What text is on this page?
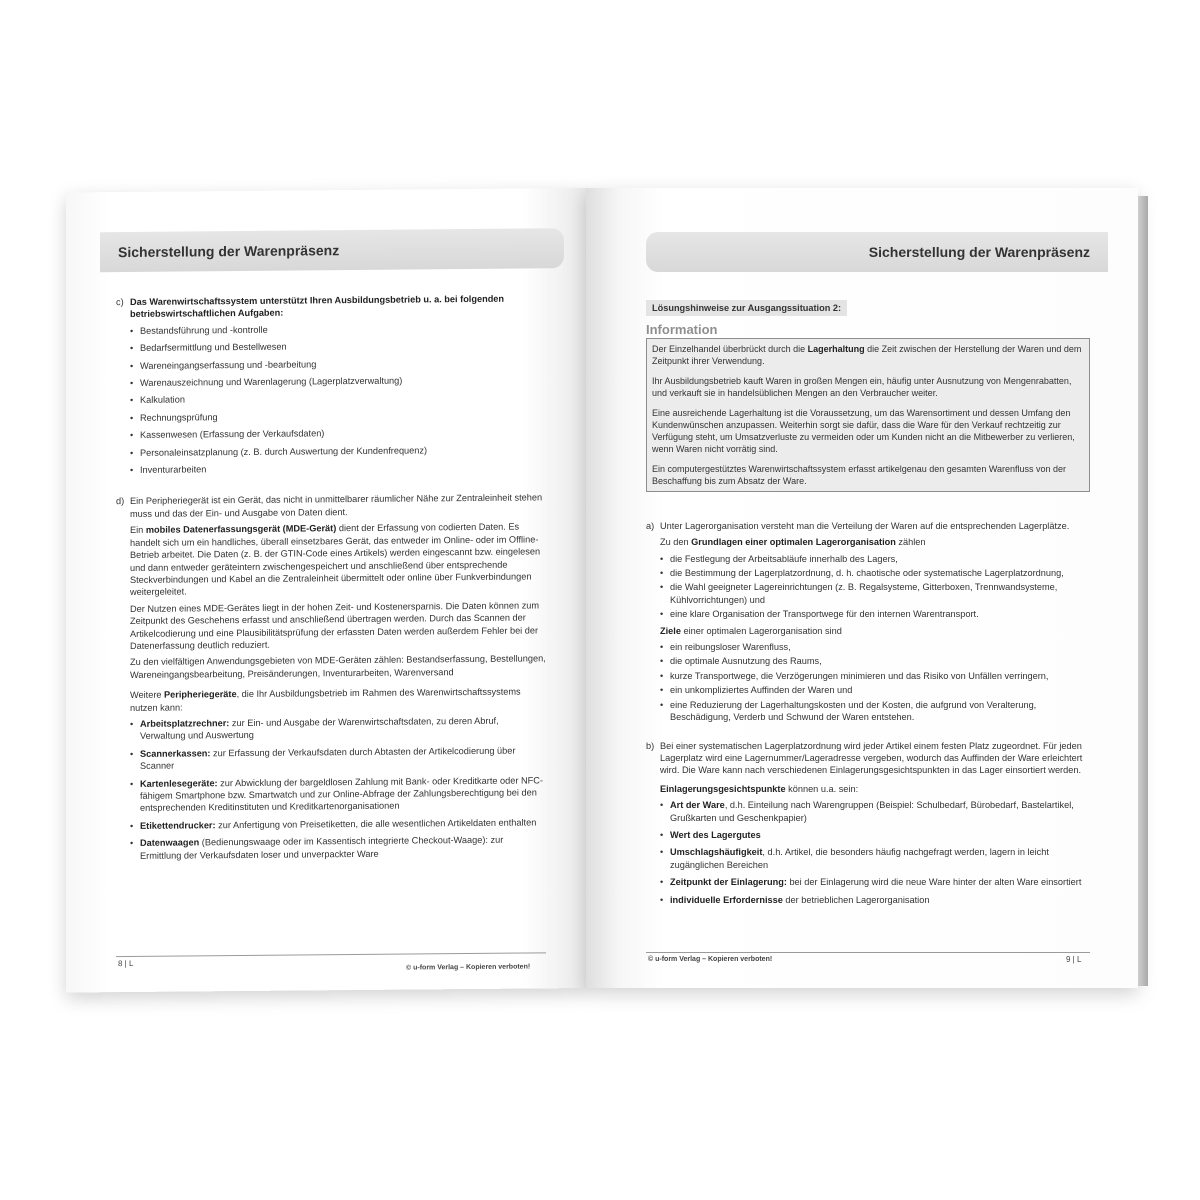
Sicherstellung der Warenpräsenz
c) Das Warenwirtschaftssystem unterstützt Ihren Ausbildungsbetrieb u. a. bei folgenden betriebswirtschaftlichen Aufgaben:

• Bestandsführung und -kontrolle
• Bedarfsermittlung und Bestellwesen
• Wareneingangserfassung und -bearbeitung
• Warenauszeichnung und Warenlagerung (Lagerplatzverwaltung)
• Kalkulation
• Rechnungsprüfung
• Kassenwesen (Erfassung der Verkaufsdaten)
• Personaleinsatzplanung (z. B. durch Auswertung der Kundenfrequenz)
• Inventurarbeiten
d) Ein Peripheriegerät ist ein Gerät, das nicht in unmittelbarer räumlicher Nähe zur Zentraleinheit stehen muss und das der Ein- und Ausgabe von Daten dient.

Ein mobiles Datenerfassungsgerät (MDE-Gerät) dient der Erfassung von codierten Daten. Es handelt sich um ein handliches, überall einsetzbares Gerät, das entweder im Online- oder im Offline-Betrieb arbeitet. Die Daten (z. B. der GTIN-Code eines Artikels) werden eingescannt bzw. eingelesen und dann entweder geräteintern zwischengespeichert und anschließend über entsprechende Steckverbindungen und Kabel an die Zentraleinheit übermittelt oder online über Funkverbindungen weitergeleitet.

Der Nutzen eines MDE-Gerätes liegt in der hohen Zeit- und Kostenersparnis. Die Daten können zum Zeitpunkt des Geschehens erfasst und anschließend übertragen werden. Durch das Scannen der Artikelcodierung und eine Plausibilitätsprüfung der erfassten Daten werden außerdem Fehler bei der Datenerfassung deutlich reduziert.

Zu den vielfältigen Anwendungsgebieten von MDE-Geräten zählen: Bestandserfassung, Bestellungen, Wareneingangsbearbeitung, Preisänderungen, Inventurarbeiten, Warenversand

Weitere Peripheriegeräte, die Ihr Ausbildungsbetrieb im Rahmen des Warenwirtschaftssystems nutzen kann:

• Arbeitsplatzrechner: zur Ein- und Ausgabe der Warenwirtschaftsdaten, zu deren Abruf, Verwaltung und Auswertung
• Scannerkassen: zur Erfassung der Verkaufsdaten durch Abtasten der Artikelcodierung über Scanner
• Kartenlesegeräte: zur Abwicklung der bargeldlosen Zahlung mit Bank- oder Kreditkarte oder NFC-fähigem Smartphone bzw. Smartwatch und zur Online-Abfrage der Zahlungsberechtigung bei den entsprechenden Kreditinstituten und Kreditkartenorganisationen
• Etikettendrucker: zur Anfertigung von Preisetiketten, die alle wesentlichen Artikeldaten enthalten
• Datenwaagen (Bedienungswaage oder im Kassentisch integrierte Checkout-Waage): zur Ermittlung der Verkaufsdaten loser und unverpackter Ware
8 | L	© u-form Verlag – Kopieren verboten!
Sicherstellung der Warenpräsenz
Lösungshinweise zur Ausgangssituation 2:
Information

Der Einzelhandel überbrückt durch die Lagerhaltung die Zeit zwischen der Herstellung der Waren und dem Zeitpunkt ihrer Verwendung.

Ihr Ausbildungsbetrieb kauft Waren in großen Mengen ein, häufig unter Ausnutzung von Mengenrabatten, und verkauft sie in handelsüblichen Mengen an den Verbraucher weiter.

Eine ausreichende Lagerhaltung ist die Voraussetzung, um das Warensortiment und dessen Umfang den Kundenwünschen anzupassen. Weiterhin sorgt sie dafür, dass die Ware für den Verkauf rechtzeitig zur Verfügung steht, um Umsatzverluste zu vermeiden oder um Kunden nicht an die Mitbewerber zu verlieren, wenn Waren nicht vorrätig sind.

Ein computergestütztes Warenwirtschaftssystem erfasst artikelgenau den gesamten Warenfluss von der Beschaffung bis zum Absatz der Ware.

a) Unter Lagerorganisation versteht man die Verteilung der Waren auf die entsprechenden Lagerplätze.

Zu den Grundlagen einer optimalen Lagerorganisation zählen

• die Festlegung der Arbeitsabläufe innerhalb des Lagers,
• die Bestimmung der Lagerplatzordnung, d. h. chaotische oder systematische Lagerplatzordnung,
• die Wahl geeigneter Lagereinrichtungen (z. B. Regalsysteme, Gitterboxen, Trennwandsysteme, Kühlvorrichtungen) und
• eine klare Organisation der Transportwege für den internen Warentransport.

Ziele einer optimalen Lagerorganisation sind

• ein reibungsloser Warenfluss,
• die optimale Ausnutzung des Raums,
• kurze Transportwege, die Verzögerungen minimieren und das Risiko von Unfällen verringern,
• ein unkompliziertes Auffinden der Waren und
• eine Reduzierung der Lagerhaltungskosten und der Kosten, die aufgrund von Veralterung, Beschädigung, Verderb und Schwund der Waren entstehen.
b) Bei einer systematischen Lagerplatzordnung wird jeder Artikel einem festen Platz zugeordnet. Für jeden Lagerplatz wird eine Lagernummer/Lageradresse vergeben, wodurch das Auffinden der Ware erleichtert wird. Die Ware kann nach verschiedenen Einlagerungsgesichtspunkten in das Lager einsortiert werden.

Einlagerungsgesichtspunkte können u.a. sein:

• Art der Ware, d.h. Einteilung nach Warengruppen (Beispiel: Schulbedarf, Bürobedarf, Bastelartikel, Grußkarten und Geschenkpapier)
• Wert des Lagergutes
• Umschlagshäufigkeit, d.h. Artikel, die besonders häufig nachgefragt werden, lagern in leicht zugänglichen Bereichen
• Zeitpunkt der Einlagerung: bei der Einlagerung wird die neue Ware hinter der alten Ware einsortiert
• individuelle Erfordernisse der betrieblichen Lagerorganisation
© u-form Verlag – Kopieren verboten!	9 | L
